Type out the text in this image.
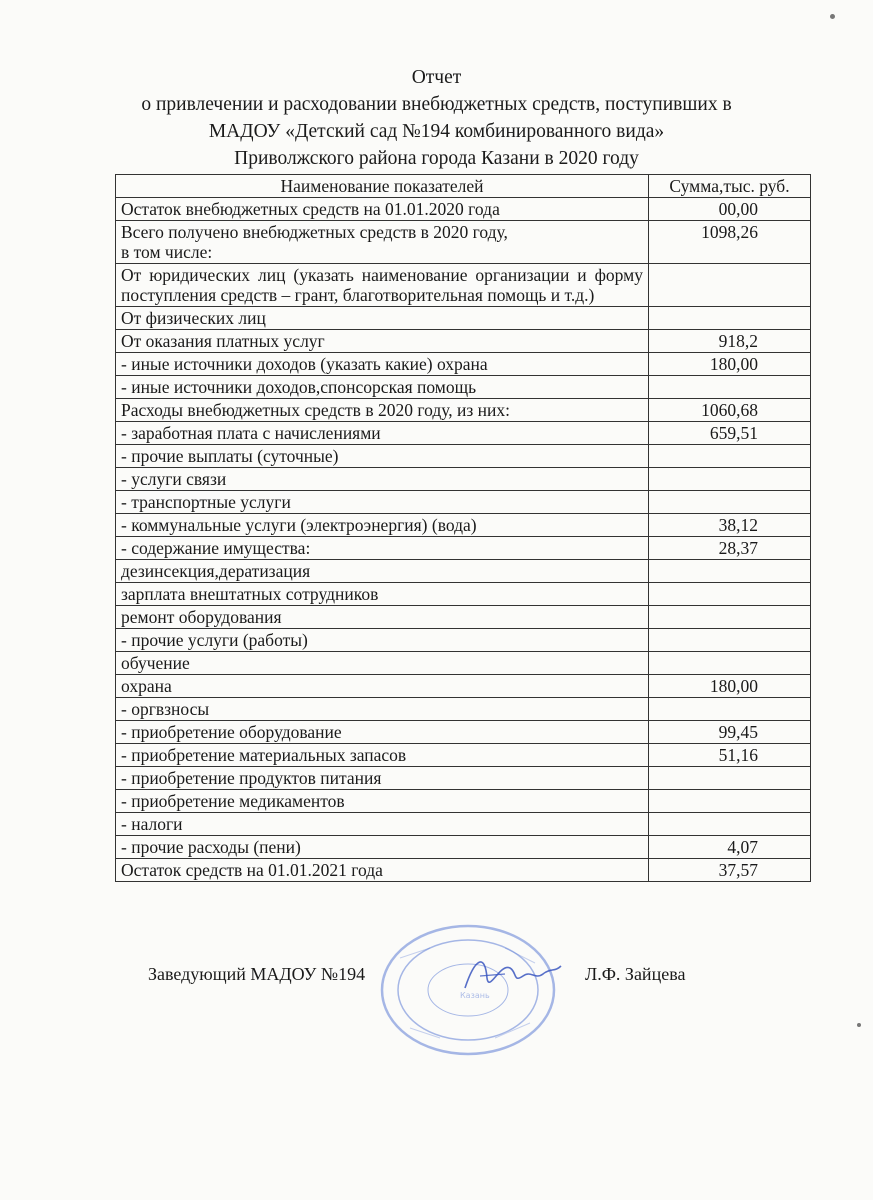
Отчет
о привлечении и расходовании внебюджетных средств, поступивших в
МАДОУ «Детский сад №194 комбинированного вида»
Приволжского района города Казани в 2020 году
Наименование показателей	Сумма,тыс. руб.
Остаток внебюджетных средств на 01.01.2020 года	00,00

Всего получено внебюджетных средств в 2020 году,
в том числе:	1098,26
От юридических лиц (указать наименование организации и форму поступления средств – грант, благотворительная помощь и т.д.)	
От физических лиц	
От оказания платных услуг	918,2
- иные источники доходов (указать какие) охрана	180,00
- иные источники доходов,спонсорская помощь	
Расходы внебюджетных средств в 2020 году, из них:	1060,68
- заработная плата с начислениями	659,51
- прочие выплаты (суточные)	
- услуги связи	
- транспортные услуги	
- коммунальные услуги (электроэнергия) (вода)	38,12
- содержание имущества:	28,37
дезинсекция,дератизация	
зарплата внештатных сотрудников	
ремонт оборудования	
- прочие услуги (работы)	
обучение	
охрана	180,00
- оргвзносы	
- приобретение оборудование	99,45
- приобретение материальных запасов	51,16
- приобретение продуктов питания	
- приобретение медикаментов	
- налоги	
- прочие расходы (пени)	4,07
Остаток средств на 01.01.2021 года	37,57
Казань
Заведующий МАДОУ №194	Л.Ф. Зайцева
